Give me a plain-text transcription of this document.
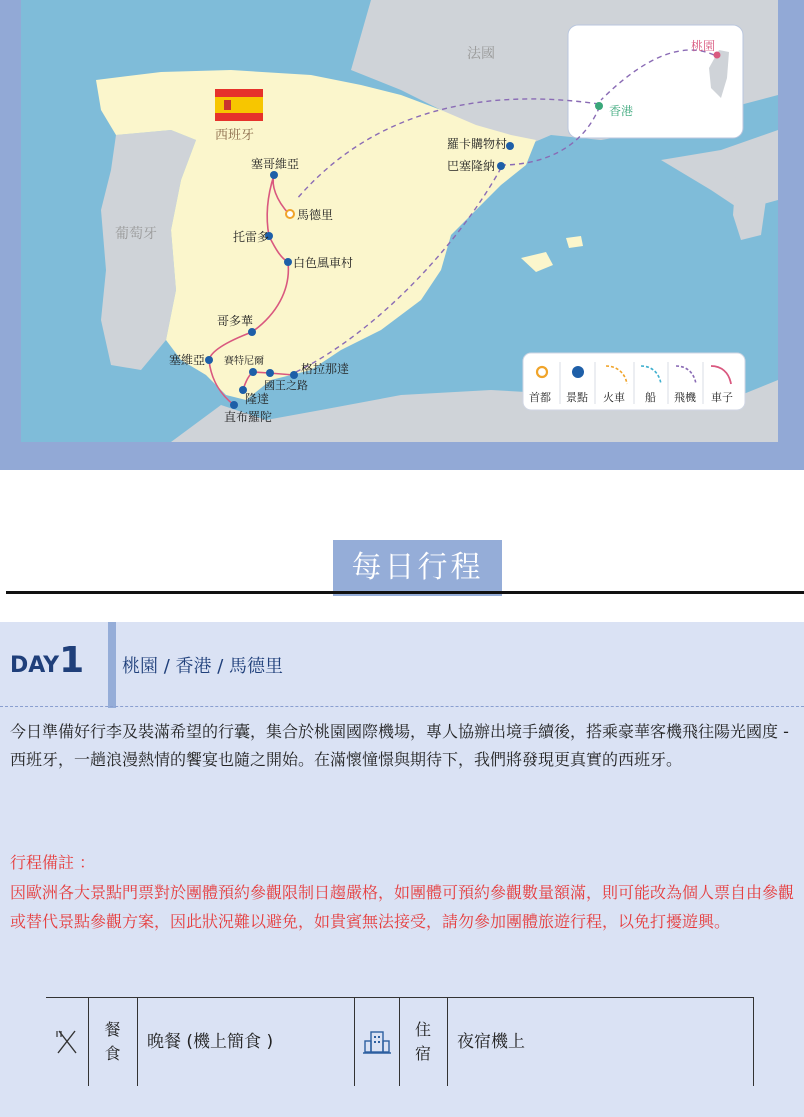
法國
葡萄牙
西班牙
桃園
香港
塞哥維亞
馬德里
托雷多
白色風車村
哥多華
塞維亞 賽特尼爾
隆達
國王之路
格拉那達
直布羅陀
羅卡購物村
巴塞隆納
首都 景點 火車 船 飛機 車子
每日行程
DAY1	桃園 / 香港 / 馬德里
今日準備好行李及裝滿希望的行囊，集合於桃園國際機場，專人協辦出境手續後，搭乘豪華客機飛往陽光國度 - 西班牙，一趟浪漫熱情的饗宴也隨之開始。在滿懷憧憬與期待下，我們將發現更真實的西班牙。
行程備註 ：
因歐洲各大景點門票對於團體預約參觀限制日趨嚴格，如團體可預約參觀數量額滿，則可能改為個人票自由參觀或替代景點參觀方案，因此狀況難以避免，如貴賓無法接受，請勿參加團體旅遊行程，以免打擾遊興。
餐
食
晚餐 (機上簡食 )
住
宿
夜宿機上
